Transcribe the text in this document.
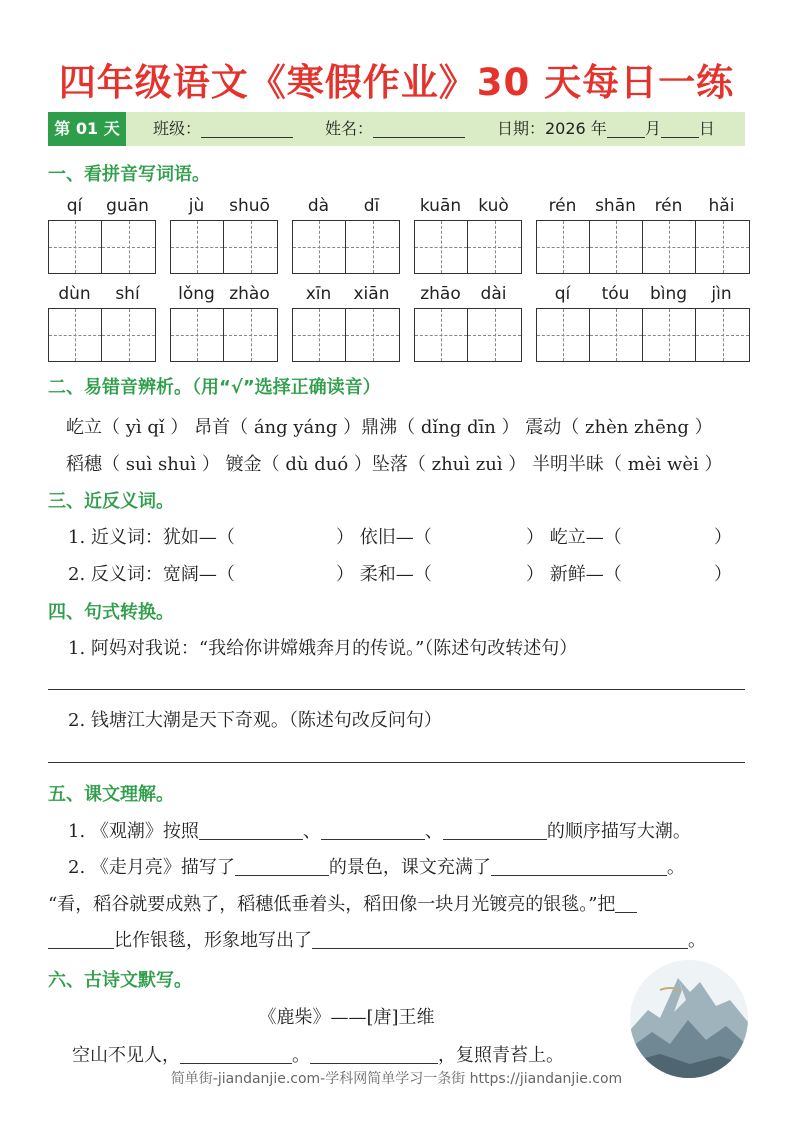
四年级语文《寒假作业》30 天每日一练
第 01 天	班级：	姓名：	日期：2026 年 月 日
一、看拼音写词语。
qí	guān	jù	shuō	dà	dī	kuān	kuò	rén	shān	rén	hǎi
dùn	shí	lǒng zhào	xīn	xiān	zhāo	dài	qí	tóu	bìng	jìn
二、易错音辨析。（用“√”选择正确读音）
屹立（ yì qǐ ） 昂首（ áng yáng ）鼎沸（ dǐng dīn ） 震动（ zhèn zhēng ）
稻穗（ suì shuì ） 镀金（ dù duó ）坠落（ zhuì zuì ） 半明半昧（ mèi wèi ）
三、近反义词。
1. 近义词：犹如—（	） 依旧—（	） 屹立—（	）
2. 反义词：宽阔—（	） 柔和—（	） 新鲜—（	）
四、句式转换。
1. 阿妈对我说：“我给你讲嫦娥奔月的传说。”（陈述句改转述句）
2. 钱塘江大潮是天下奇观。（陈述句改反问句）
五、课文理解。
1. 《观潮》按照	、	、	的顺序描写大潮。
2. 《走月亮》描写了	的景色，课文充满了	。
“看，稻谷就要成熟了，稻穗低垂着头，稻田像一块月光镀亮的银毯。”把
比作银毯，形象地写出了	。
六、古诗文默写。
《鹿柴》——[唐]王维
空山不见人，	。	，复照青苔上。
简单街-jiandanjie.com-学科网简单学习一条街 https://jiandanjie.com
